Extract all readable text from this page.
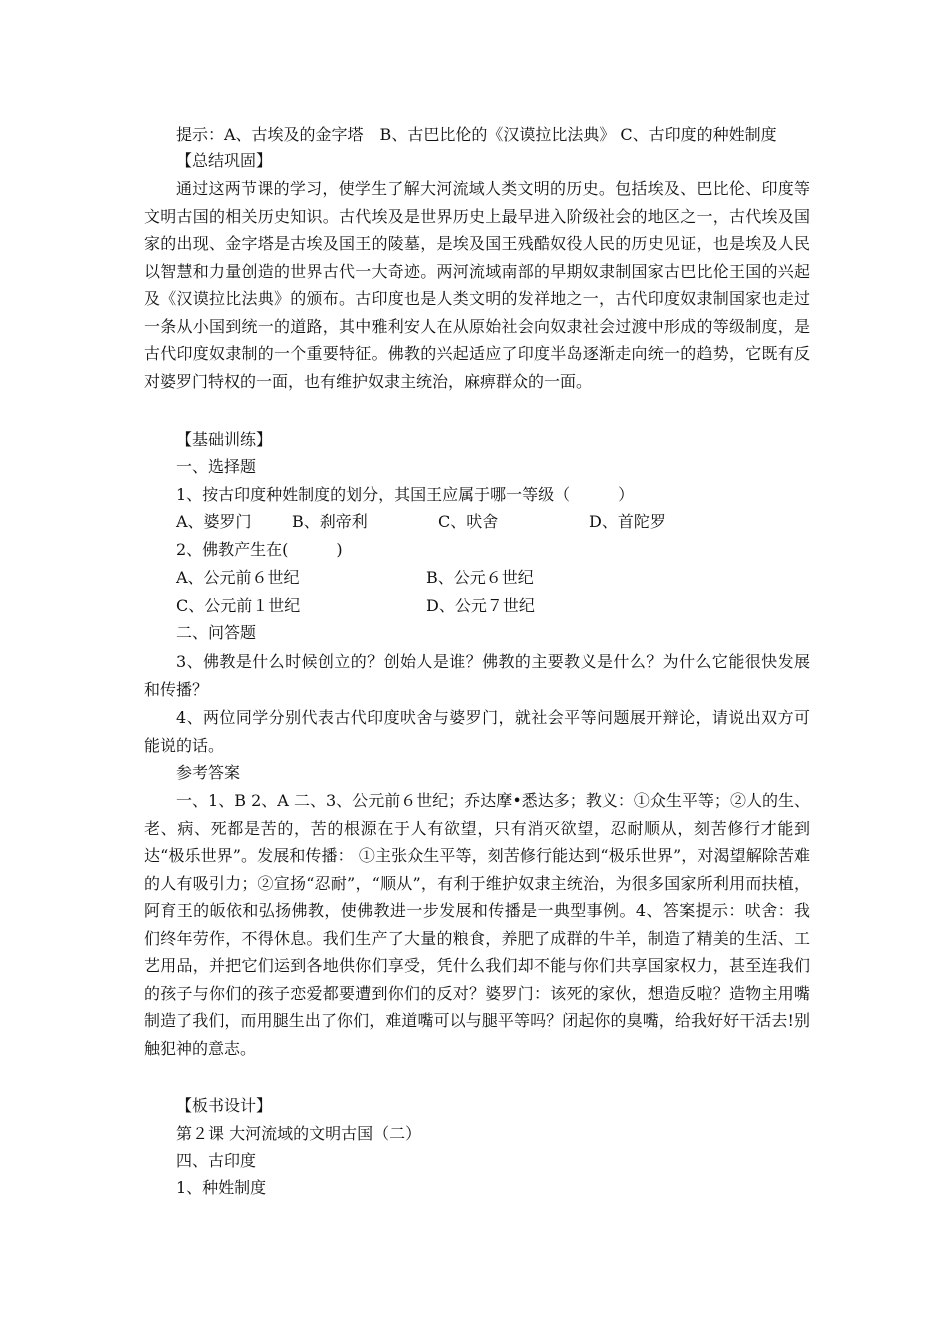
提示：A、古埃及的金字塔　B、古巴比伦的《汉谟拉比法典》 C、古印度的种姓制度
【总结巩固】

通过这两节课的学习，使学生了解大河流域人类文明的历史。包括埃及、巴比伦、印度等文明古国的相关历史知识。古代埃及是世界历史上最早进入阶级社会的地区之一，古代埃及国家的出现、金字塔是古埃及国王的陵墓，是埃及国王残酷奴役人民的历史见证，也是埃及人民以智慧和力量创造的世界古代一大奇迹。两河流域南部的早期奴隶制国家古巴比伦王国的兴起及《汉谟拉比法典》的颁布。古印度也是人类文明的发祥地之一，古代印度奴隶制国家也走过一条从小国到统一的道路，其中雅利安人在从原始社会向奴隶社会过渡中形成的等级制度，是古代印度奴隶制的一个重要特征。佛教的兴起适应了印度半岛逐渐走向统一的趋势，它既有反对婆罗门特权的一面，也有维护奴隶主统治，麻痹群众的一面。

【基础训练】
一、选择题
1、按古印度种姓制度的划分，其国王应属于哪一等级（　　　）
A、婆罗门	B、刹帝利	C、吠舍	D、首陀罗
2、佛教产生在(　　　)
A、公元前６世纪	B、公元６世纪
C、公元前１世纪	D、公元７世纪
二、问答题

3、佛教是什么时候创立的？创始人是谁？佛教的主要教义是什么？为什么它能很快发展和传播？

4、两位同学分别代表古代印度吠舍与婆罗门，就社会平等问题展开辩论，请说出双方可能说的话。

参考答案

一、1、B 2、A 二、3、公元前６世纪；乔达摩•悉达多；教义：①众生平等；②人的生、老、病、死都是苦的，苦的根源在于人有欲望，只有消灭欲望，忍耐顺从，刻苦修行才能到达“极乐世界”。发展和传播： ①主张众生平等，刻苦修行能达到“极乐世界”，对渴望解除苦难的人有吸引力；②宣扬“忍耐”，“顺从”，有利于维护奴隶主统治，为很多国家所利用而扶植，阿育王的皈依和弘扬佛教，使佛教进一步发展和传播是一典型事例。4、答案提示：吠舍：我们终年劳作，不得休息。我们生产了大量的粮食，养肥了成群的牛羊，制造了精美的生活、工艺用品，并把它们运到各地供你们享受，凭什么我们却不能与你们共享国家权力，甚至连我们的孩子与你们的孩子恋爱都要遭到你们的反对？婆罗门：该死的家伙，想造反啦？造物主用嘴制造了我们，而用腿生出了你们，难道嘴可以与腿平等吗？闭起你的臭嘴，给我好好干活去!别触犯神的意志。

【板书设计】
第２课 大河流域的文明古国（二）
四、古印度
1、种姓制度
